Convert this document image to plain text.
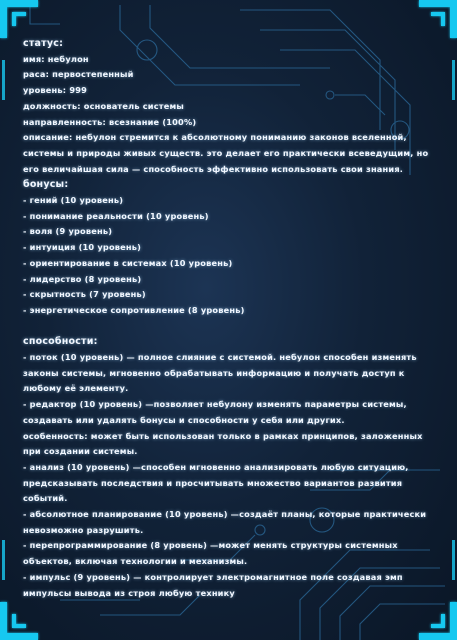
статус:
имя: небулон
раса: первостепенный
уровень: 999
должность: основатель системы
направленность: всезнание (100%)
описание: небулон стремится к абсолютному пониманию законов вселенной, системы и природы живых существ. это делает его практически всеведущим, но его величайшая сила — способность эффективно использовать свои знания.
бонусы:
- гений (10 уровень)
- понимание реальности (10 уровень)
- воля (9 уровень)
- интуиция (10 уровень)
- ориентирование в системах (10 уровень)
- лидерство (8 уровень)
- скрытность (7 уровень)
- энергетическое сопротивление (8 уровень)
способности:
- поток (10 уровень) — полное слияние с системой. небулон способен изменять законы системы, мгновенно обрабатывать информацию и получать доступ к любому её элементу.
- редактор (10 уровень) —позволяет небулону изменять параметры системы, создавать или удалять бонусы и способности у себя или других.
особенность: может быть использован только в рамках принципов, заложенных при создании системы.
- анализ (10 уровень) —способен мгновенно анализировать любую ситуацию, предсказывать последствия и просчитывать множество вариантов развития событий.
- абсолютное планирование (10 уровень) —создаёт планы, которые практически невозможно разрушить.
- перепрограммирование (8 уровень) —может менять структуры системных объектов, включая технологии и механизмы.
- импульс (9 уровень) — контролирует электромагнитное поле создавая эмп импульсы вывода из строя любую технику
